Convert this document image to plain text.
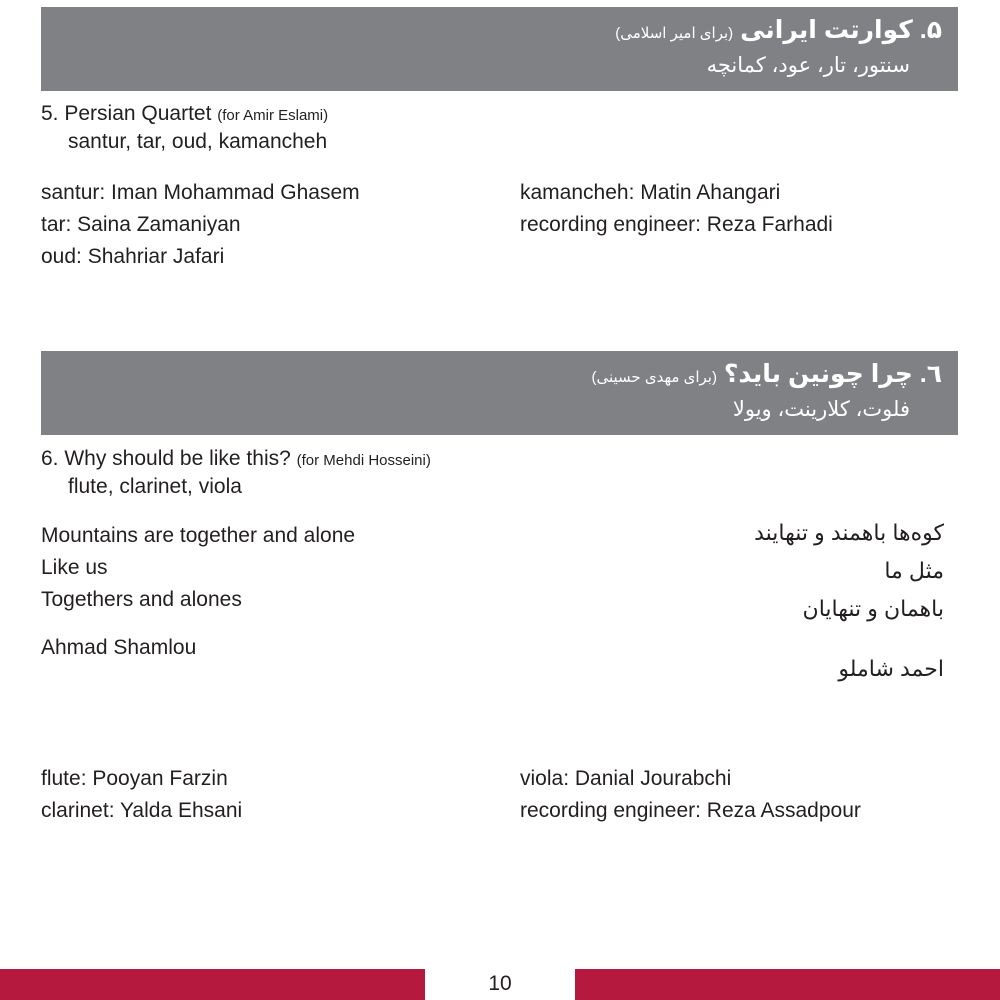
۵. کوارتت ایرانی (برای امیر اسلامی)
سنتور، تار، عود، کمانچه
5. Persian Quartet (for Amir Eslami)
santur, tar, oud, kamancheh
santur: Iman Mohammad Ghasem
tar: Saina Zamaniyan
oud: Shahriar Jafari
kamancheh: Matin Ahangari
recording engineer: Reza Farhadi
٦. چرا چونین باید؟ (برای مهدی حسینی)
فلوت، کلارینت، ویولا
6. Why should be like this? (for Mehdi Hosseini)
flute, clarinet, viola
Mountains are together and alone
Like us
Togethers and alones
Ahmad Shamlou
کوه‌ها باهمند و تنهایند
مثل ما
باهمان و تنهایان
احمد شاملو
flute: Pooyan Farzin
clarinet: Yalda Ehsani
viola: Danial Jourabchi
recording engineer: Reza Assadpour
10
